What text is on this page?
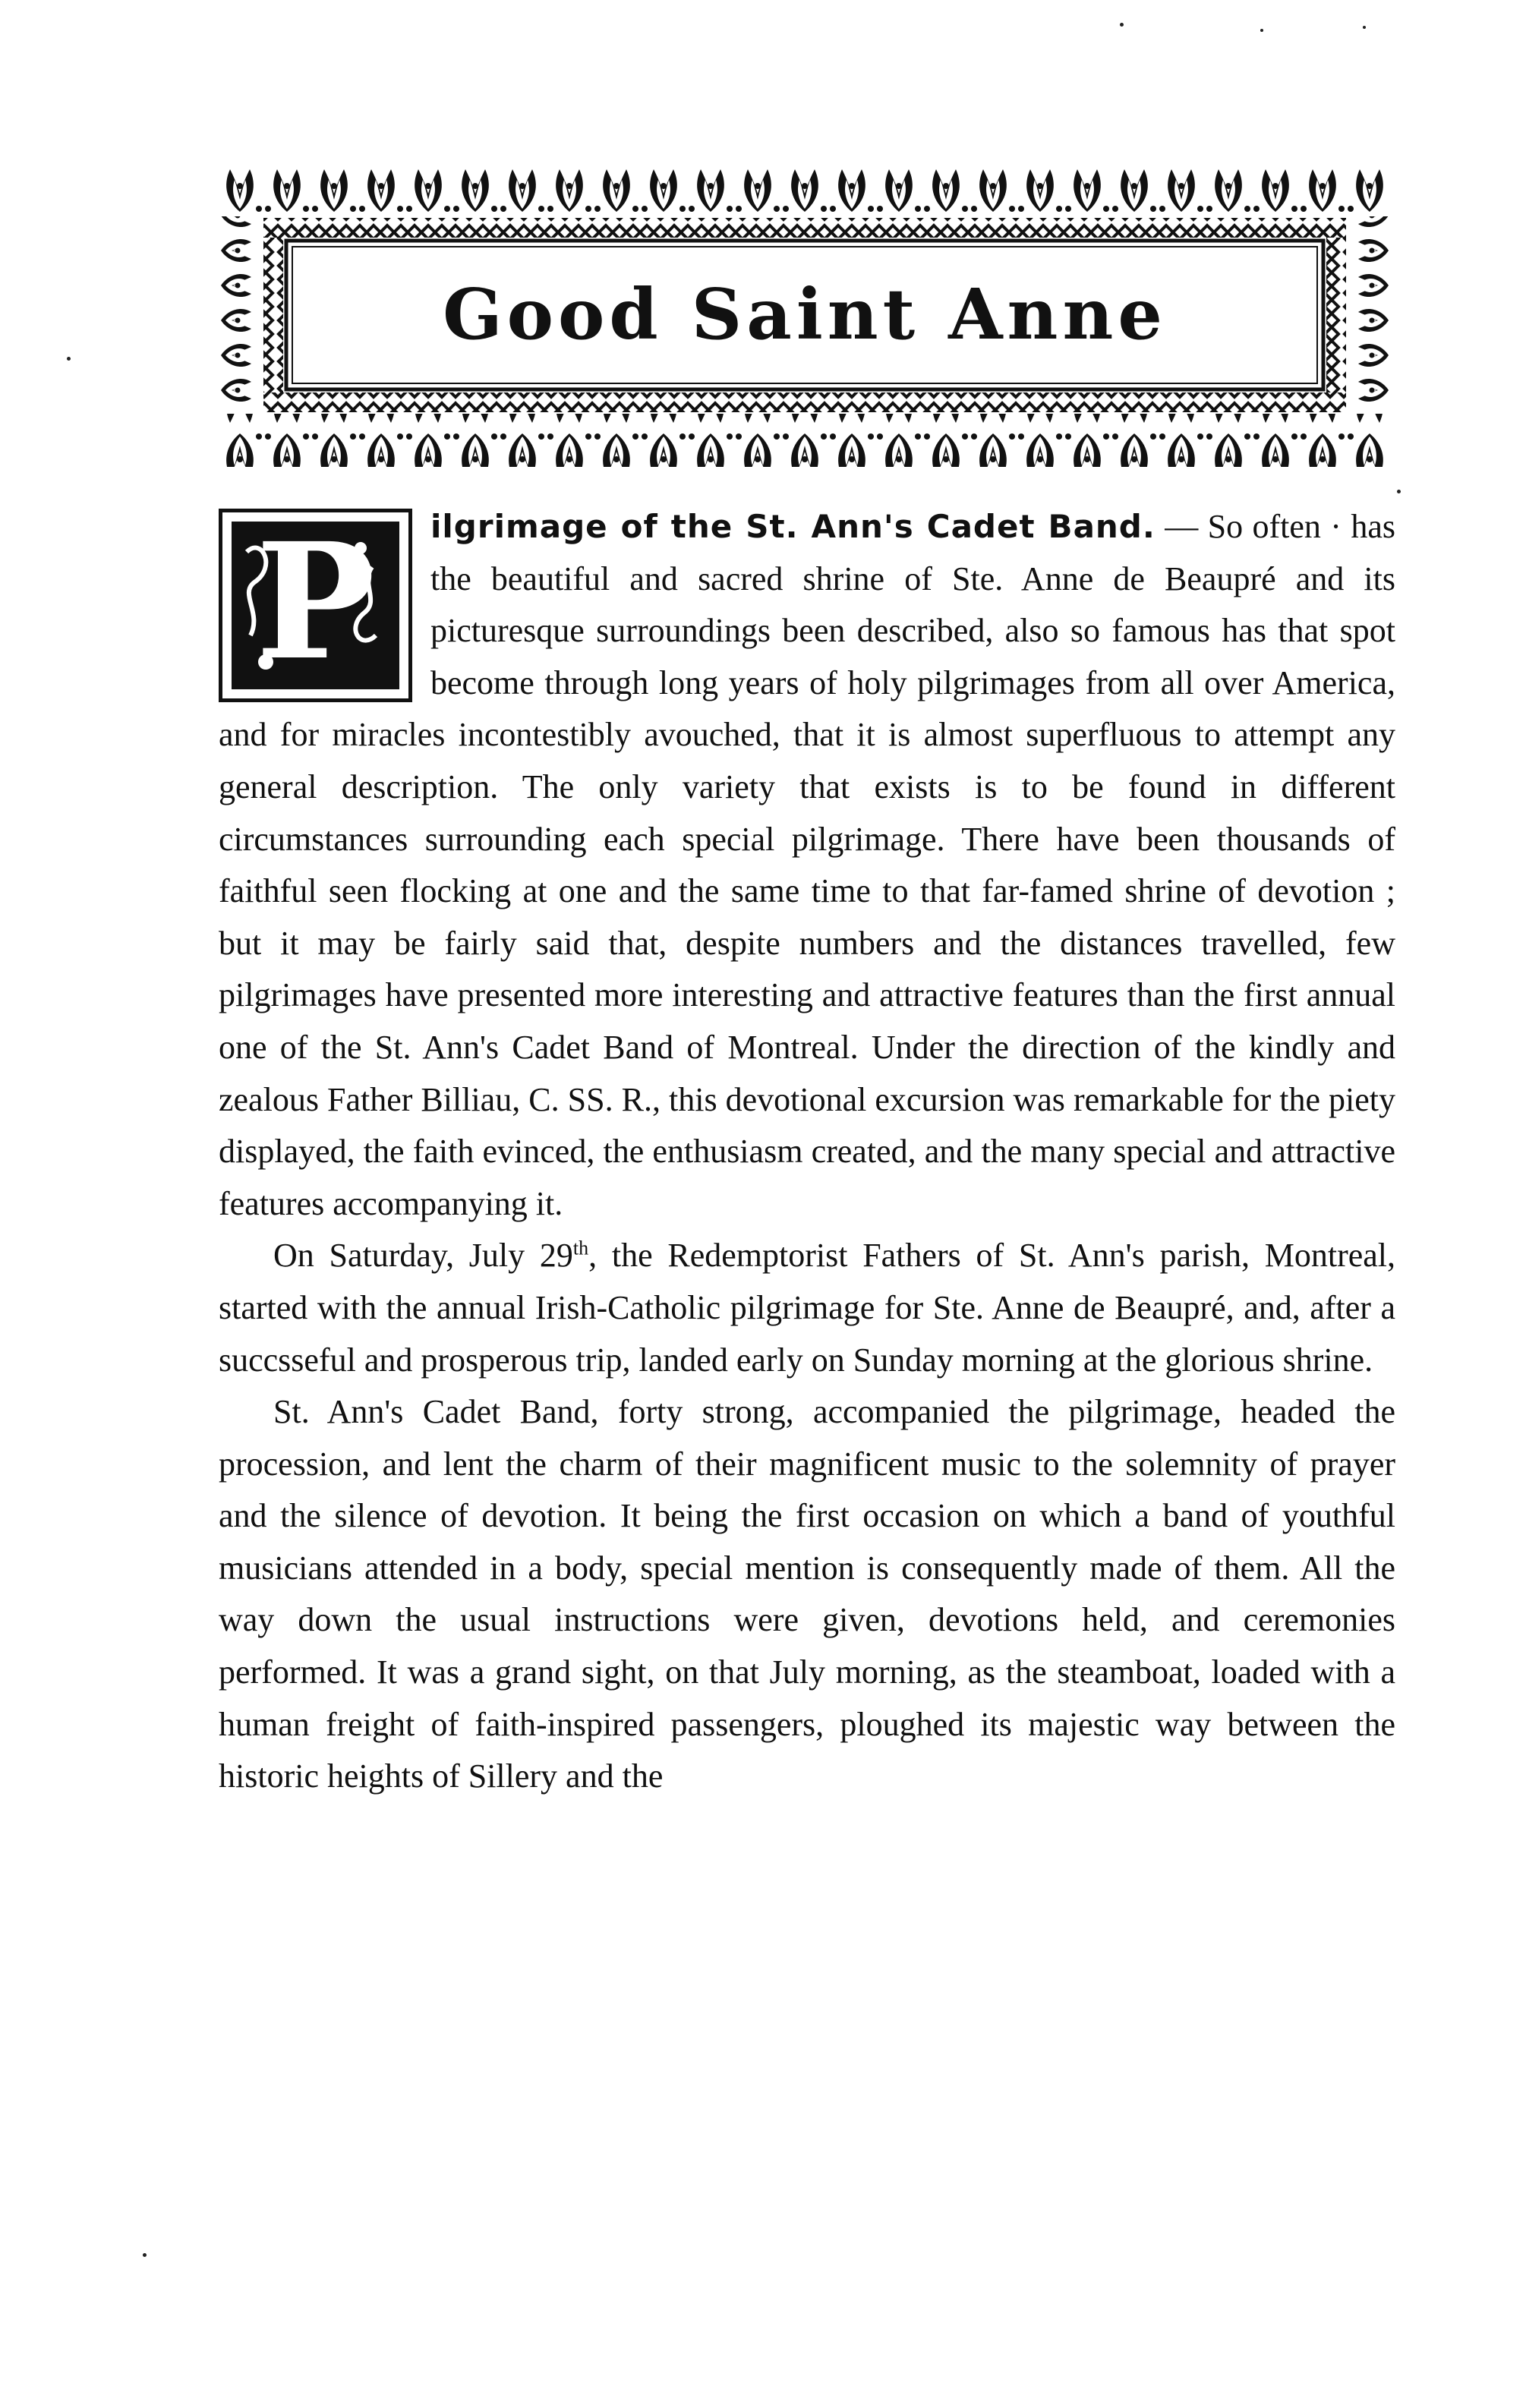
Good Saint Anne

P	ilgrimage of the St. Ann's Cadet Band. — So often · has the beautiful and sacred shrine of Ste. Anne de Beaupré and its picturesque surroundings been described, also so famous has that spot become through long years of holy pilgrimages from all over America, and for miracles incontestibly avouched, that it is almost superfluous to attempt any general description. The only variety that exists is to be found in different circumstances surrounding each special pilgrimage. There have been thousands of faithful seen flocking at one and the same time to that far-famed shrine of devotion ; but it may be fairly said that, despite numbers and the distances travelled, few pilgrimages have presented more interesting and attractive features than the first annual one of the St. Ann's Cadet Band of Montreal. Under the direction of the kindly and zealous Father Billiau, C. SS. R., this devotional excursion was remarkable for the piety displayed, the faith evinced, the enthusiasm created, and the many special and attractive features accompanying it.

On Saturday, July 29th, the Redemptorist Fathers of St. Ann's parish, Montreal, started with the annual Irish-Catholic pilgrimage for Ste. Anne de Beaupré, and, after a succsseful and prosperous trip, landed early on Sunday morning at the glorious shrine.

St. Ann's Cadet Band, forty strong, accompanied the pilgrimage, headed the procession, and lent the charm of their magnificent music to the solemnity of prayer and the silence of devotion. It being the first occasion on which a band of youthful musicians attended in a body, special mention is consequently made of them. All the way down the usual instructions were given, devotions held, and ceremonies performed. It was a grand sight, on that July morning, as the steamboat, loaded with a human freight of faith-inspired passengers, ploughed its majestic way between the historic heights of Sillery and the
